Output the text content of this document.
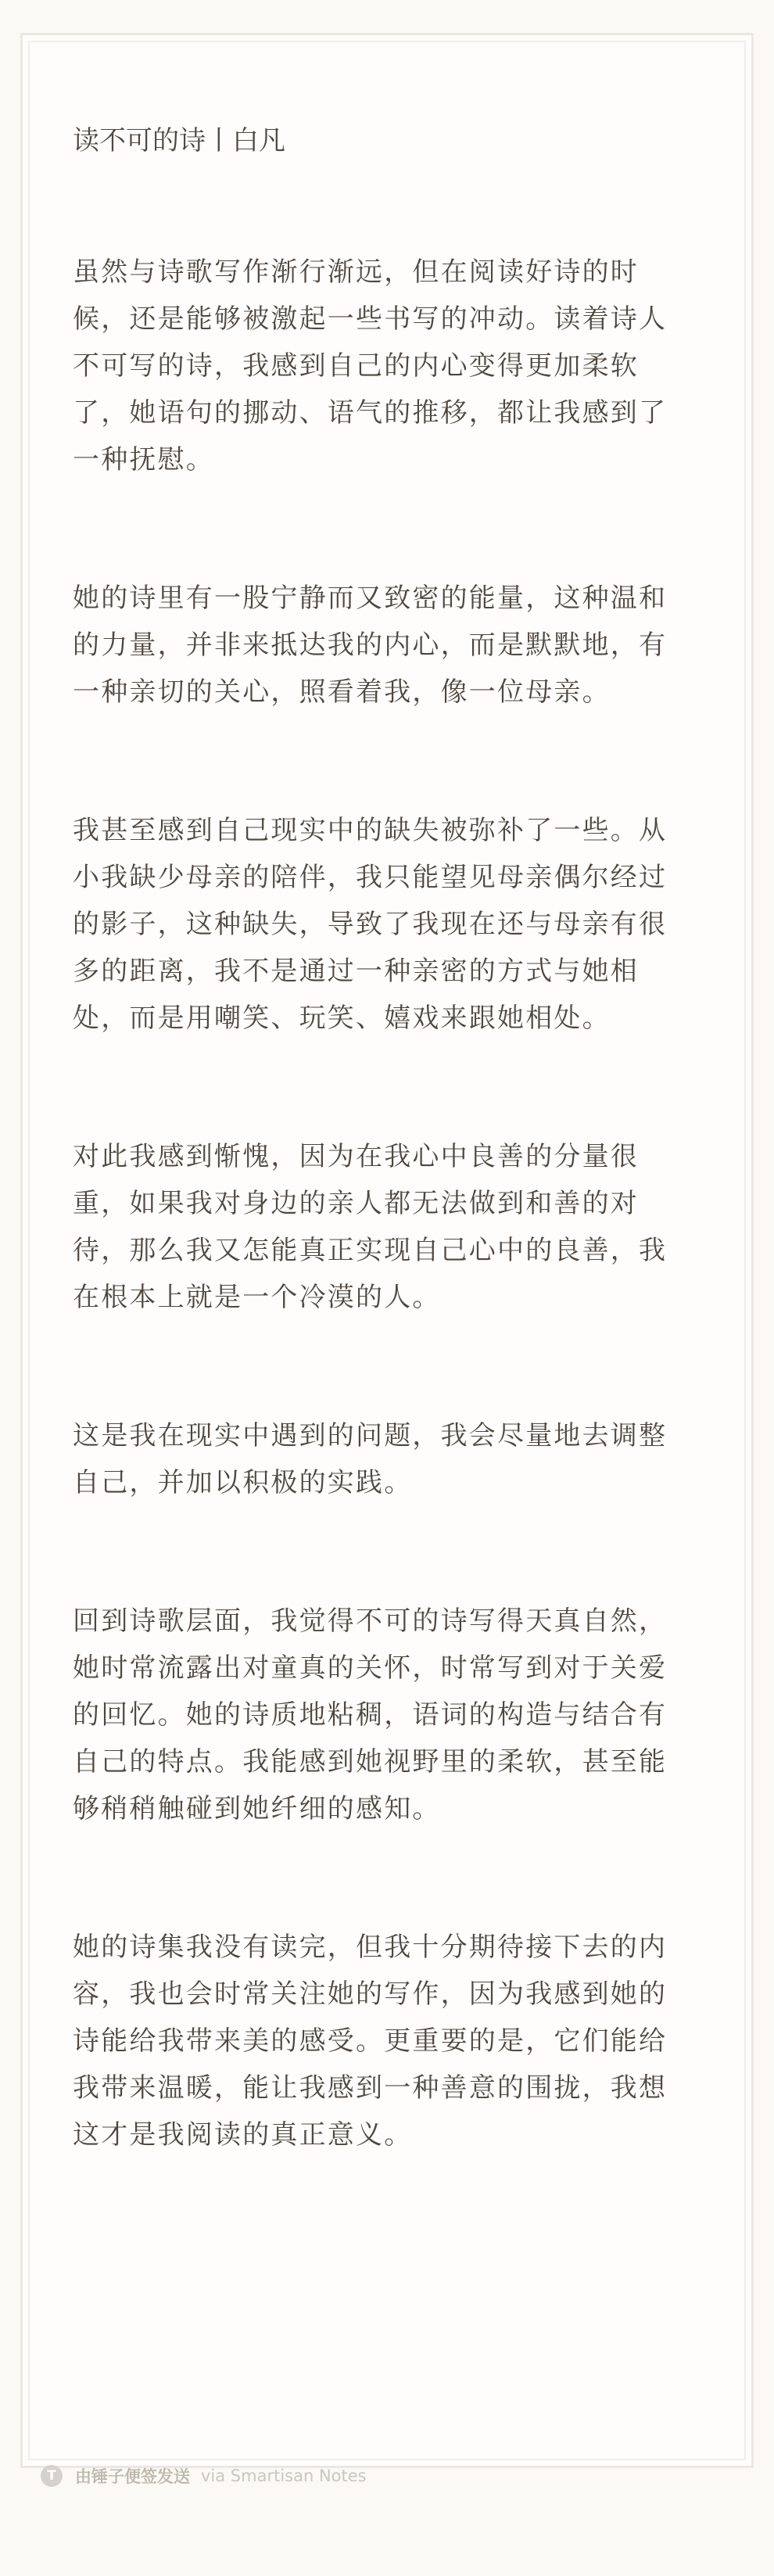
读不可的诗丨白凡

虽然与诗歌写作渐行渐远，但在阅读好诗的时候，还是能够被激起一些书写的冲动。读着诗人不可写的诗，我感到自己的内心变得更加柔软了，她语句的挪动、语气的推移，都让我感到了一种抚慰。

她的诗里有一股宁静而又致密的能量，这种温和的力量，并非来抵达我的内心，而是默默地，有一种亲切的关心，照看着我，像一位母亲。

我甚至感到自己现实中的缺失被弥补了一些。从小我缺少母亲的陪伴，我只能望见母亲偶尔经过的影子，这种缺失，导致了我现在还与母亲有很多的距离，我不是通过一种亲密的方式与她相处，而是用嘲笑、玩笑、嬉戏来跟她相处。

对此我感到惭愧，因为在我心中良善的分量很重，如果我对身边的亲人都无法做到和善的对待，那么我又怎能真正实现自己心中的良善，我在根本上就是一个冷漠的人。

这是我在现实中遇到的问题，我会尽量地去调整自己，并加以积极的实践。

回到诗歌层面，我觉得不可的诗写得天真自然，她时常流露出对童真的关怀，时常写到对于关爱的回忆。她的诗质地粘稠，语词的构造与结合有自己的特点。我能感到她视野里的柔软，甚至能够稍稍触碰到她纤细的感知。

她的诗集我没有读完，但我十分期待接下去的内容，我也会时常关注她的写作，因为我感到她的诗能给我带来美的感受。更重要的是，它们能给我带来温暖，能让我感到一种善意的围拢，我想这才是我阅读的真正意义。

T	由锤子便签发送 via Smartisan Notes
